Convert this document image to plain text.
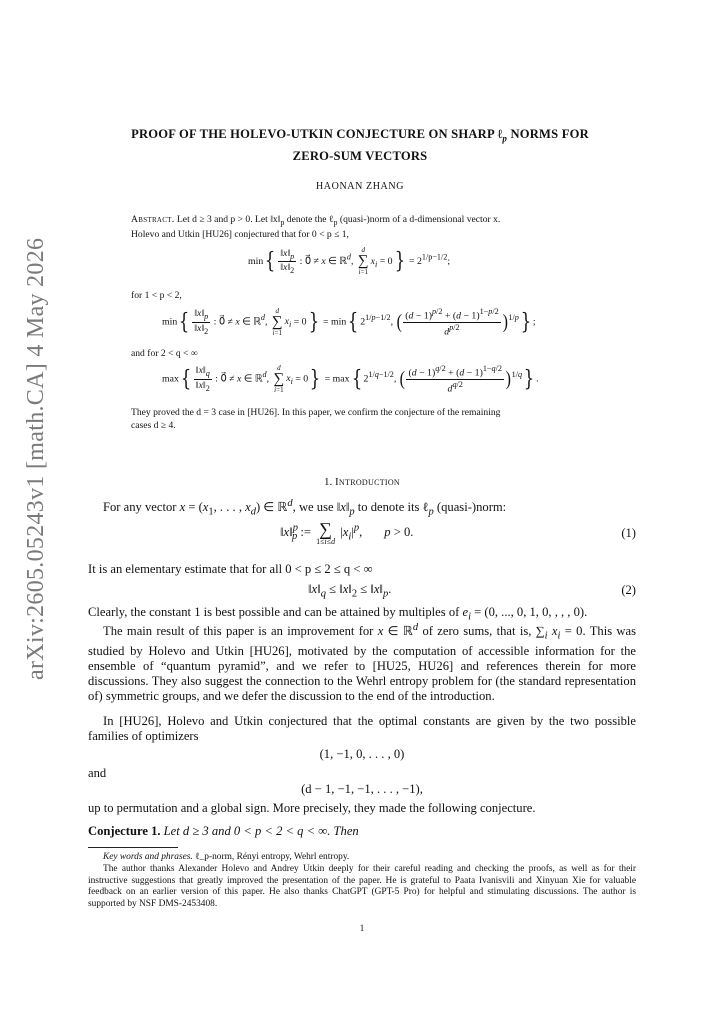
arXiv:2605.05243v1 [math.CA] 4 May 2026
PROOF OF THE HOLEVO-UTKIN CONJECTURE ON SHARP ℓ$_p$ NORMS FOR
ZERO-SUM VECTORS
HAONAN ZHANG
Abstract. Let d ≥ 3 and p > 0. Let $‖x‖_p$ denote the ℓ$_p$ (quasi-)norm of a d-dimensional vector x.
Holevo and Utkin [HU26] conjectured that for 0 < p ≤ 1,
$\min\{ \frac{‖x‖_p}{‖x‖_2}$ : 0⃗ ≠ x ∈ ℝ$^d$,
d
∑
i=1
$x_i = 0\} = 2^{1/p-1/2}$;
for 1 < p < 2,
$\min\{ \frac{‖x‖_p}{‖x‖_2}$ : 0⃗ ≠ x ∈ ℝ$^d$,
d
∑
i=1
$x_i = 0\} = \min${ $2^{1/p-1/2}$, ( $\frac{(d - 1)^{p/2} + (d - 1)^{1-p/2}}{d^{p/2}} )^{1/p}$} ;
and for 2 < q < ∞
$\max\{ \frac{‖x‖_q}{‖x‖_2}$ : 0⃗ ≠ x ∈ ℝ$^d$,
d
∑
i=1
$x_i = 0\} = \max${ $2^{1/q-1/2}$, ( $\frac{(d - 1)^{q/2} + (d - 1)^{1-q/2}}{d^{q/2}} )^{1/q}$} .
They proved the d = 3 case in [HU26]. In this paper, we confirm the conjecture of the remaining
cases d ≥ 4.
1. Introduction
For any vector $x = (x_1$, . . . , $x_d$) ∈ ℝ$^d$, we use $‖x‖_p$ to denote its ℓ$_p$ (quasi-)norm:
‖x‖$^p_p$ := ∑
1≤i≤d
$|x_i|^p$,       p > 0.	(1)
It is an elementary estimate that for all 0 < p ≤ 2 ≤ q < ∞
$‖x‖_q$ ≤ $‖x‖_2$ ≤ $‖x‖_p$.	(2)
Clearly, the constant 1 is best possible and can be attained by multiples of $e_i = (0$, ..., 0, 1, 0, , , , 0).
The main result of this paper is an improvement for x ∈ ℝ$^d$ of zero sums, that is, $\sum_i$ $x_i = 0$. This was studied by Holevo and Utkin [HU26], motivated by the computation of accessible information for the ensemble of “quantum pyramid”, and we refer to [HU25, HU26] and references therein for more discussions. They also suggest the connection to the Wehrl entropy problem for (the standard representation of) symmetric groups, and we defer the discussion to the end of the introduction.
In [HU26], Holevo and Utkin conjectured that the optimal constants are given by the two possible families of optimizers
(1, −1, 0, . . . , 0)
and
(d − 1, −1, −1, . . . , −1),
up to permutation and a global sign. More precisely, they made the following conjecture.
Conjecture 1. Let d ≥ 3 and 0 < p < 2 < q < ∞. Then
Key words and phrases. ℓ_p-norm, Rényi entropy, Wehrl entropy.
The author thanks Alexander Holevo and Andrey Utkin deeply for their careful reading and checking the proofs, as well as for their instructive suggestions that greatly improved the presentation of the paper. He is grateful to Paata Ivanisvili and Xinyuan Xie for valuable feedback on an earlier version of this paper. He also thanks ChatGPT (GPT-5 Pro) for helpful and stimulating discussions. The author is supported by NSF DMS-2453408.
1
